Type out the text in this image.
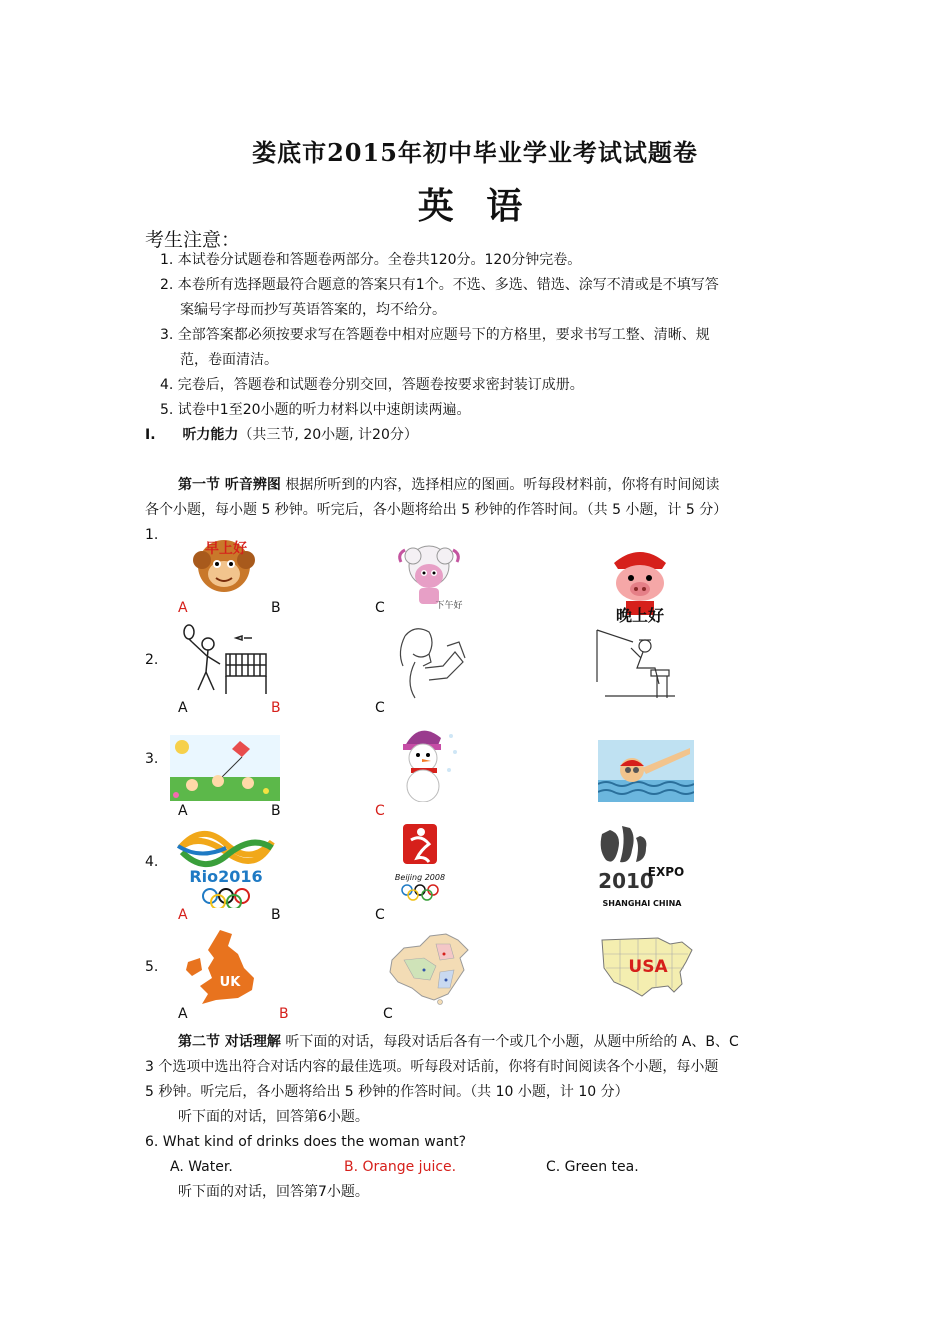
娄底市2015年初中毕业学业考试试题卷
英 语
考生注意：
1. 本试卷分试题卷和答题卷两部分。全卷共120分。120分钟完卷。
2. 本卷所有选择题最符合题意的答案只有1个。不选、多选、错选、涂写不清或是不填写答
案编号字母而抄写英语答案的，均不给分。
3. 全部答案都必须按要求写在答题卷中相对应题号下的方格里，要求书写工整、清晰、规
范，卷面清洁。
4. 完卷后，答题卷和试题卷分别交回，答题卷按要求密封装订成册。
5. 试卷中1至20小题的听力材料以中速朗读两遍。
I. 听力能力（共三节, 20小题, 计20分）
第一节 听音辨图 根据所听到的内容，选择相应的图画。听每段材料前，你将有时间阅读
各个小题，每小题 5 秒钟。听完后，各小题将给出 5 秒钟的作答时间。（共 5 小题，计 5 分）
1.
早上好
下午好	晚上好
A	B	C
2.
A	B	C
3.
A	B	C
4.
Rio2016	Beijing 2008	2010
EXPO
SHANGHAI CHINA
A	B	C
5.
UK
USA
A	B	C
第二节 对话理解 听下面的对话，每段对话后各有一个或几个小题，从题中所给的 A、B、C
3 个选项中选出符合对话内容的最佳选项。听每段对话前，你将有时间阅读各个小题，每小题
5 秒钟。听完后，各小题将给出 5 秒钟的作答时间。（共 10 小题，计 10 分）
听下面的对话，回答第6小题。
6. What kind of drinks does the woman want?
A. Water.	B. Orange juice.	C. Green tea.
听下面的对话，回答第7小题。
